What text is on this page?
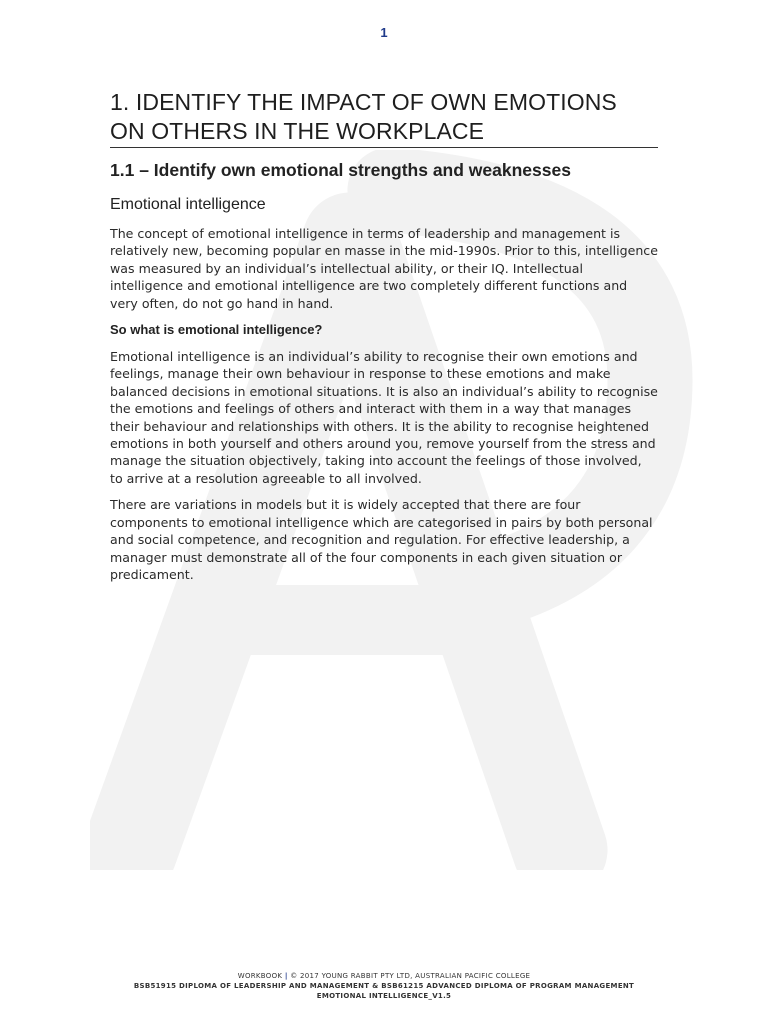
1
1. IDENTIFY THE IMPACT OF OWN EMOTIONS
ON OTHERS IN THE WORKPLACE
1.1 – Identify own emotional strengths and weaknesses
Emotional intelligence

The concept of emotional intelligence in terms of leadership and management is relatively new, becoming popular en masse in the mid-1990s. Prior to this, intelligence was measured by an individual’s intellectual ability, or their IQ. Intellectual intelligence and emotional intelligence are two completely different functions and very often, do not go hand in hand.

So what is emotional intelligence?

Emotional intelligence is an individual’s ability to recognise their own emotions and feelings, manage their own behaviour in response to these emotions and make balanced decisions in emotional situations. It is also an individual’s ability to recognise the emotions and feelings of others and interact with them in a way that manages their behaviour and relationships with others. It is the ability to recognise heightened emotions in both yourself and others around you, remove yourself from the stress and manage the situation objectively, taking into account the feelings of those involved, to arrive at a resolution agreeable to all involved.

There are variations in models but it is widely accepted that there are four components to emotional intelligence which are categorised in pairs by both personal and social competence, and recognition and regulation. For effective leadership, a manager must demonstrate all of the four components in each given situation or predicament.

WORKBOOK | © 2017 YOUNG RABBIT PTY LTD, AUSTRALIAN PACIFIC COLLEGE
BSB51915 DIPLOMA OF LEADERSHIP AND MANAGEMENT & BSB61215 ADVANCED DIPLOMA OF PROGRAM MANAGEMENT
EMOTIONAL INTELLIGENCE_V1.5
